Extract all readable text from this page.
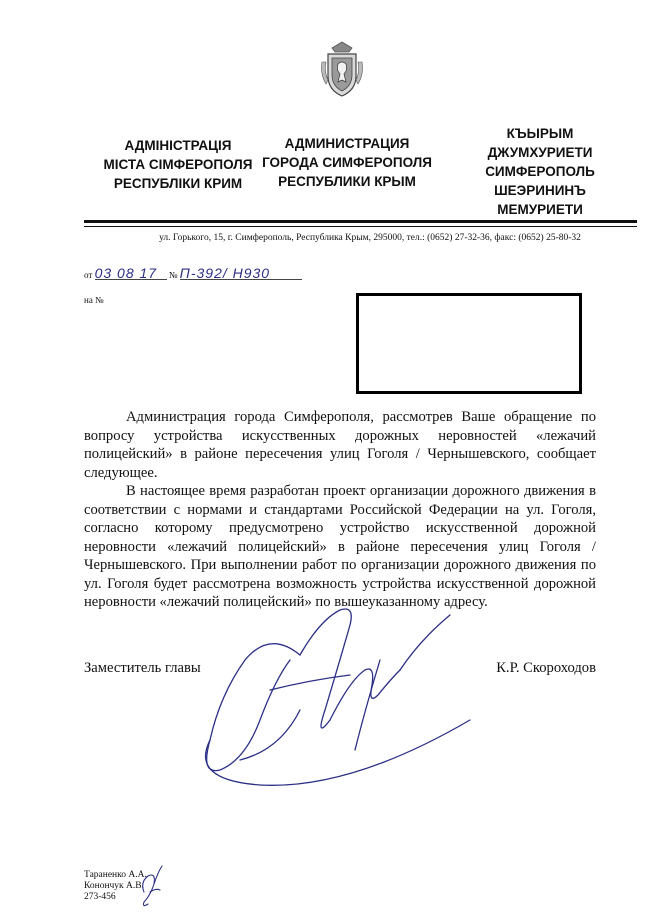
АДМІНІСТРАЦІЯ
МІСТА СІМФЕРОПОЛЯ
РЕСПУБЛІКИ КРИМ
АДМИНИСТРАЦИЯ
ГОРОДА СИМФЕРОПОЛЯ
РЕСПУБЛИКИ КРЫМ
КЪЫРЫМ
ДЖУМХУРИЕТИ
СИМФЕРОПОЛЬ
ШЕЭРИНИНЪ
МЕМУРИЕТИ
ул. Горького, 15, г. Симферополь, Республика Крым, 295000, тел.: (0652) 27-32-36, факс: (0652) 25-80-32
от 03 08 17 № П-392/ Н930
на №

Администрация города Симферополя, рассмотрев Ваше обращение по вопросу устройства искусственных дорожных неровностей «лежачий полицейский» в районе пересечения улиц Гоголя / Чернышевского, сообщает следующее.

В настоящее время разработан проект организации дорожного движения в соответствии с нормами и стандартами Российской Федерации на ул. Гоголя, согласно которому предусмотрено устройство искусственной дорожной неровности «лежачий полицейский» в районе пересечения улиц Гоголя / Чернышевского. При выполнении работ по организации дорожного движения по ул. Гоголя будет рассмотрена возможность устройства искусственной дорожной неровности «лежачий полицейский» по вышеуказанному адресу.

Заместитель главы	К.Р. Скороходов
Тараненко А.А.
Конончук А.В.
273-456
